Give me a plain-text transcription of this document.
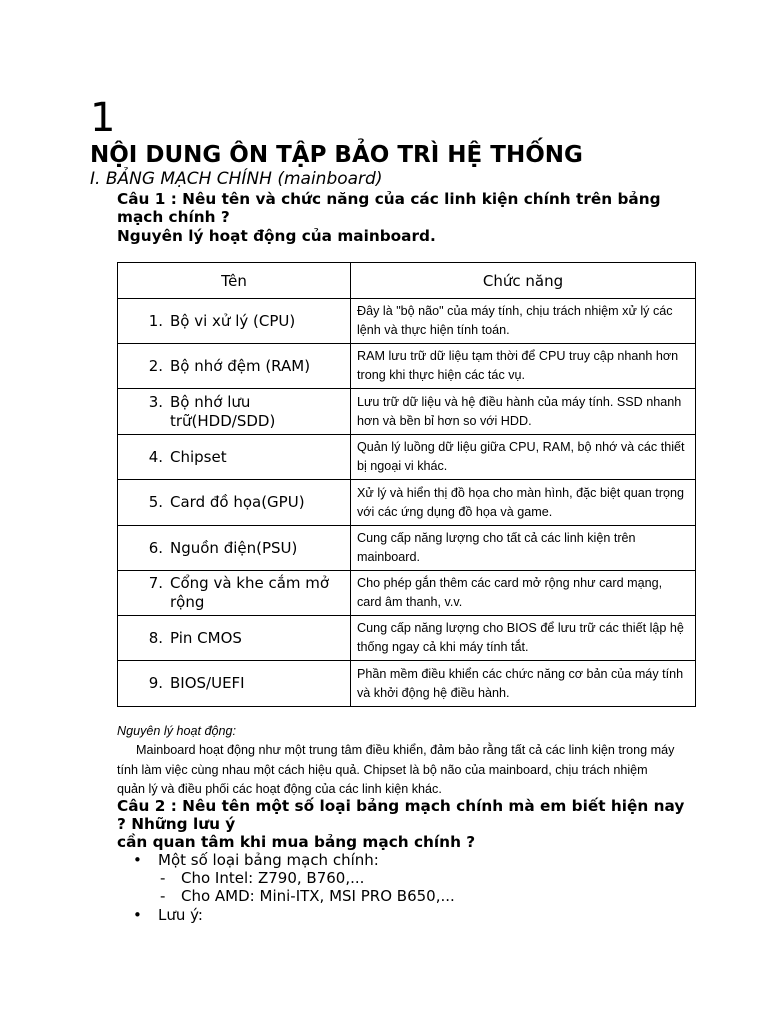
1
NỘI DUNG ÔN TẬP BẢO TRÌ HỆ THỐNG
I. BẢNG MẠCH CHÍNH (mainboard)
Câu 1 : Nêu tên và chức năng của các linh kiện chính trên bảng
mạch chính ?
Nguyên lý hoạt động của mainboard.
Tên	Chức năng

1. Bộ vi xử lý (CPU)	Đây là "bộ não" của máy tính, chịu trách nhiệm xử lý các lệnh và thực hiện tính toán.

2. Bộ nhớ đệm (RAM)	RAM lưu trữ dữ liệu tạm thời để CPU truy cập nhanh hơn trong khi thực hiện các tác vụ.

3. Bộ nhớ lưu trữ(HDD/SDD)	Lưu trữ dữ liệu và hệ điều hành của máy tính. SSD nhanh hơn và bền bỉ hơn so với HDD.

4. Chipset	Quản lý luồng dữ liệu giữa CPU, RAM, bộ nhớ và các thiết bị ngoại vi khác.

5. Card đồ họa(GPU)	Xử lý và hiển thị đồ họa cho màn hình, đặc biệt quan trọng với các ứng dụng đồ họa và game.

6. Nguồn điện(PSU)	Cung cấp năng lượng cho tất cả các linh kiện trên mainboard.

7. Cổng và khe cắm mở rộng	Cho phép gắn thêm các card mở rộng như card mạng, card âm thanh, v.v.

8. Pin CMOS	Cung cấp năng lượng cho BIOS để lưu trữ các thiết lập hệ thống ngay cả khi máy tính tắt.

9. BIOS/UEFI	Phần mềm điều khiển các chức năng cơ bản của máy tính và khởi động hệ điều hành.
Nguyên lý hoạt động:
Mainboard hoạt động như một trung tâm điều khiển, đảm bảo rằng tất cả các linh kiện trong máy tính làm việc cùng nhau một cách hiệu quả. Chipset là bộ não của mainboard, chịu trách nhiệm quản lý và điều phối các hoạt động của các linh kiện khác.
Câu 2 : Nêu tên một số loại bảng mạch chính mà em biết hiện nay
? Những lưu ý
cần quan tâm khi mua bảng mạch chính ?
• Một số loại bảng mạch chính:
- Cho Intel: Z790, B760,...
- Cho AMD: Mini-ITX, MSI PRO B650,...
• Lưu ý:
